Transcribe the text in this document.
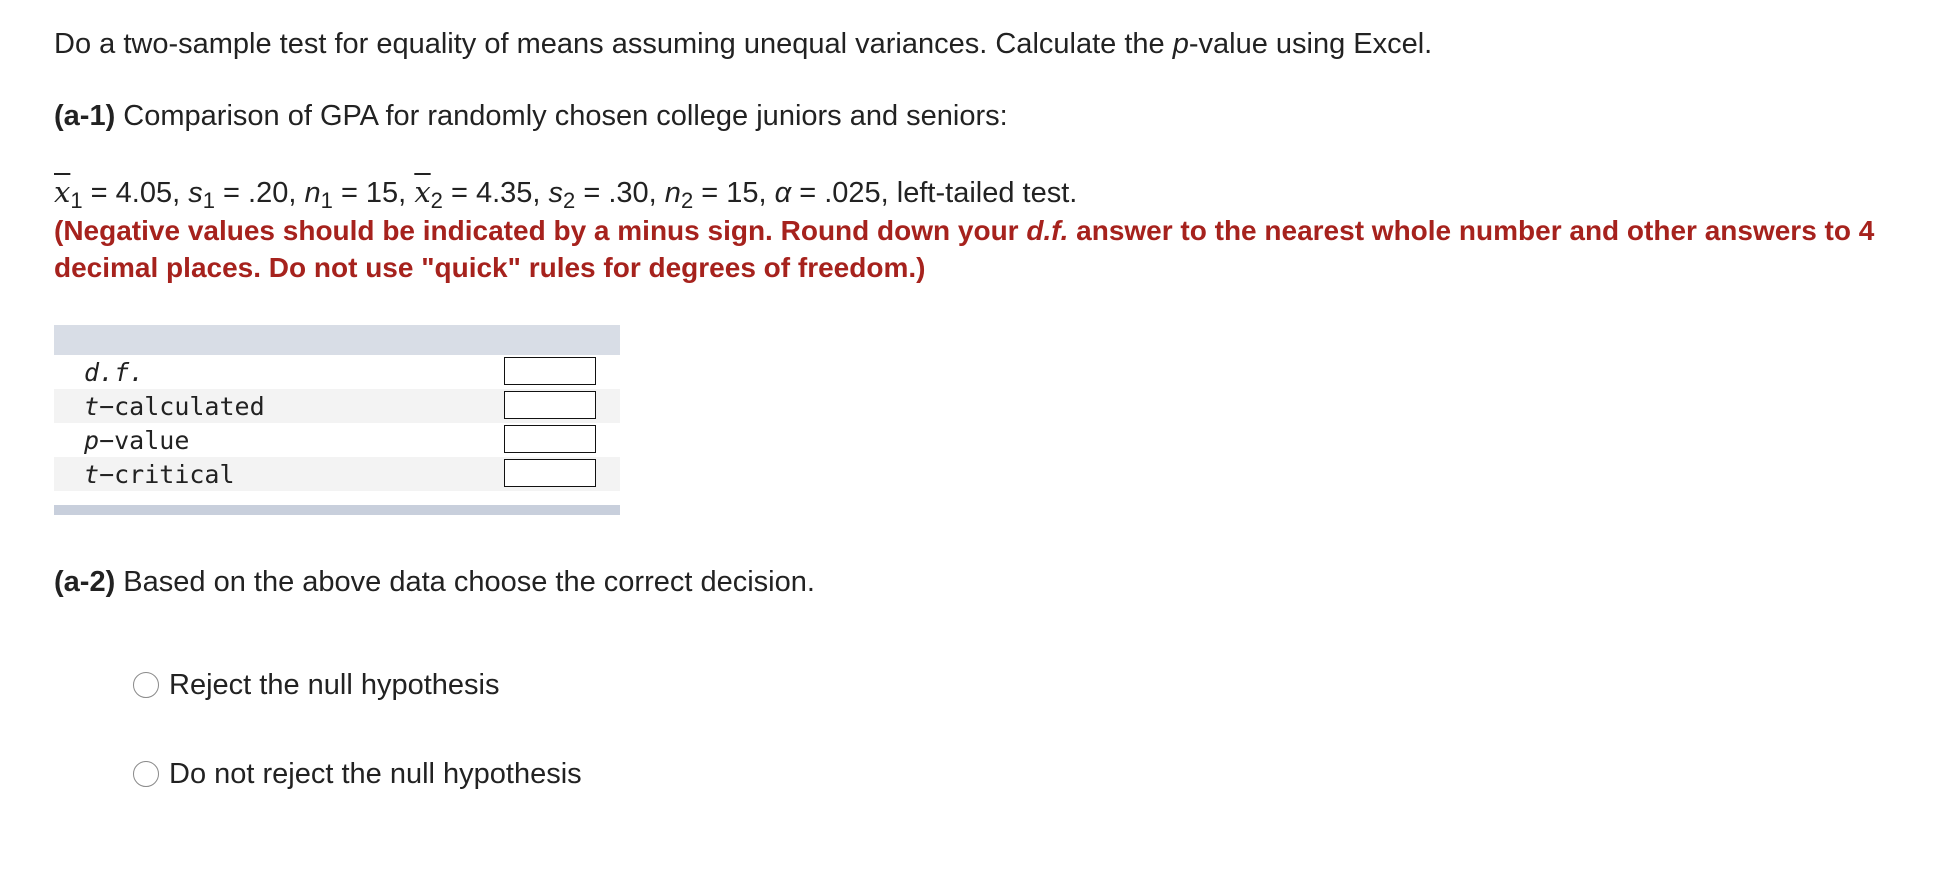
Do a two-sample test for equality of means assuming unequal variances. Calculate the p-value using Excel.
(a-1) Comparison of GPA for randomly chosen college juniors and seniors:
$\overline{x}_1 = 4.05$, $s_1 = .20$, $n_1 = 15$, $\overline{x}_2 = 4.35$, $s_2 = .30$, $n_2 = 15$, α = .025, left-tailed test.
(Negative values should be indicated by a minus sign. Round down your d.f. answer to the nearest whole number and other answers to 4 decimal places. Do not use "quick" rules for degrees of freedom.)
d.f.
t−calculated
p−value
t−critical
(a-2) Based on the above data choose the correct decision.
Reject the null hypothesis
Do not reject the null hypothesis
